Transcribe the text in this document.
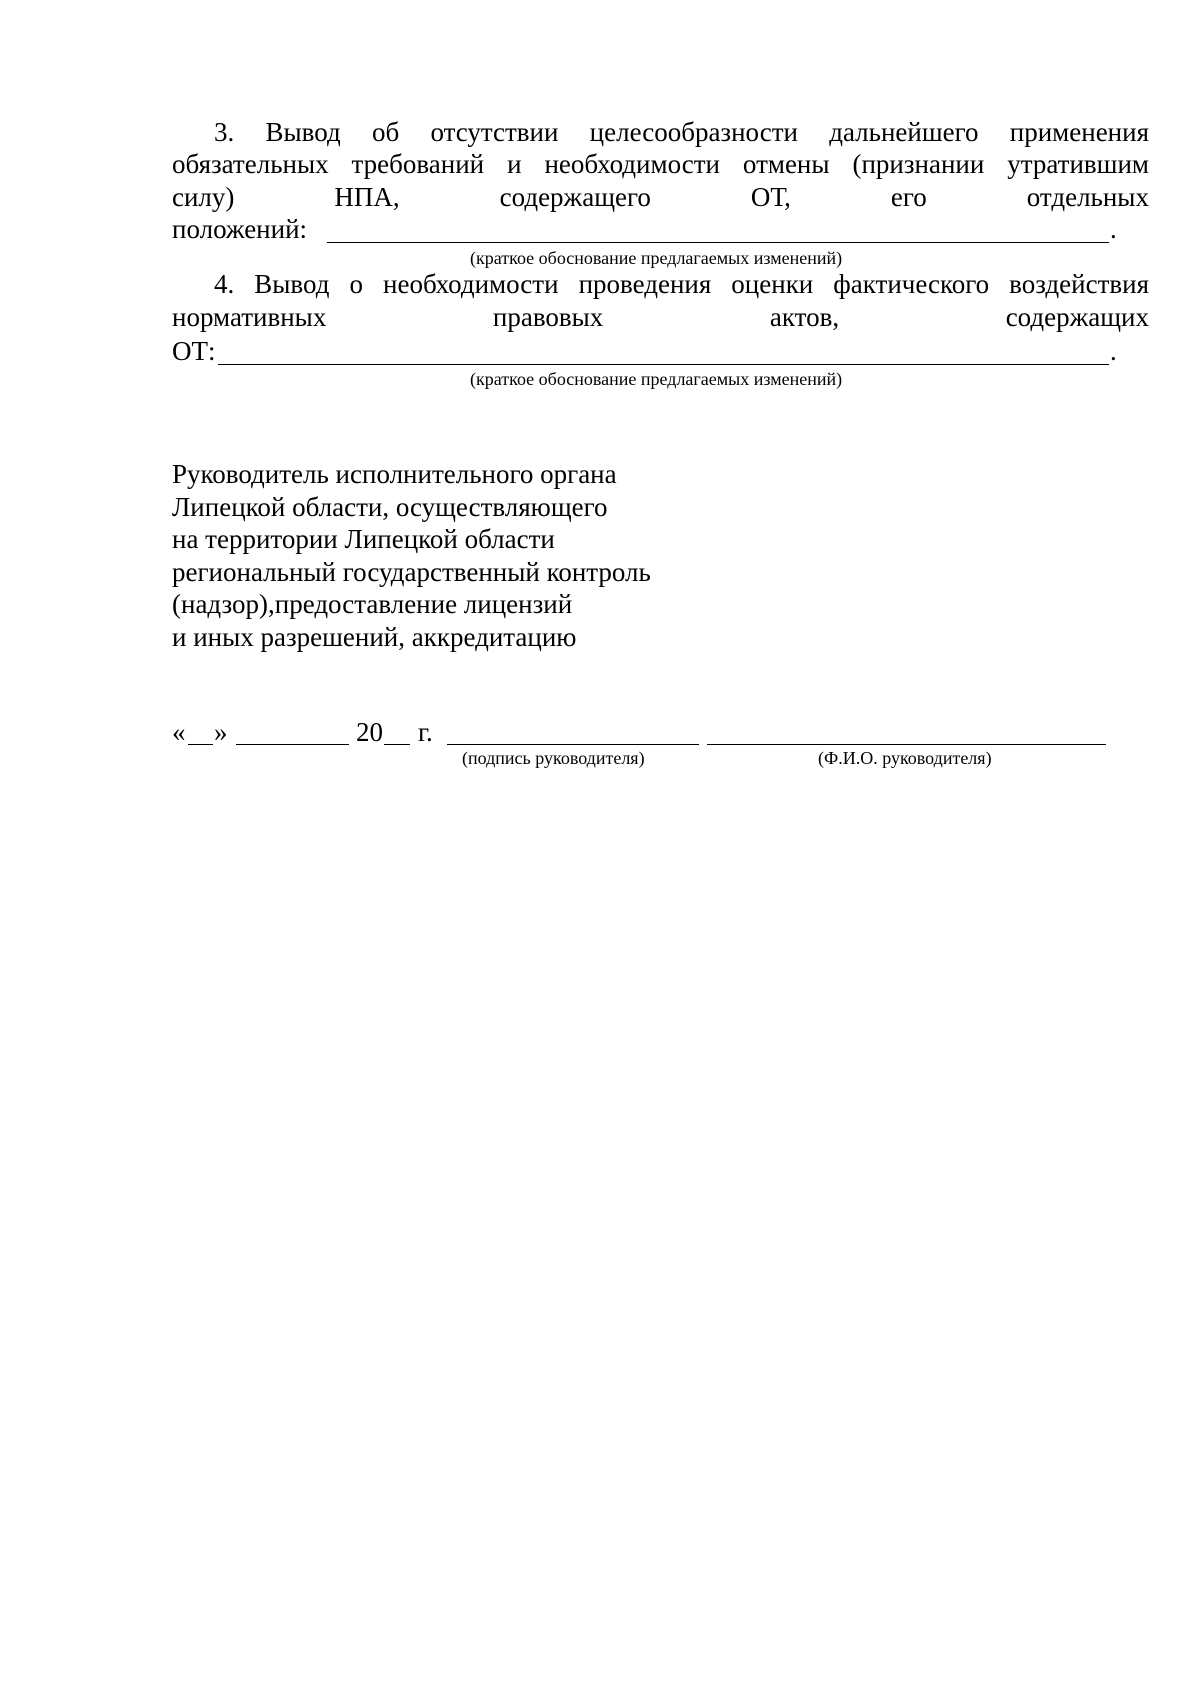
3. Вывод об отсутствии целесообразности дальнейшего применения
обязательных требований и необходимости отмены (признании утратившим
силу)	НПА,	содержащего	ОТ,	его	отдельных
положений:	.
(краткое обоснование предлагаемых изменений)
4. Вывод о необходимости проведения оценки фактического воздействия
нормативных	правовых	актов,	содержащих
ОТ:	.
(краткое обоснование предлагаемых изменений)
Руководитель исполнительного органа
Липецкой области, осуществляющего
на территории Липецкой области
региональный государственный контроль
(надзор),предоставление лицензий
и иных разрешений, аккредитацию
« »	20 г.
(подпись руководителя)	(Ф.И.О. руководителя)
